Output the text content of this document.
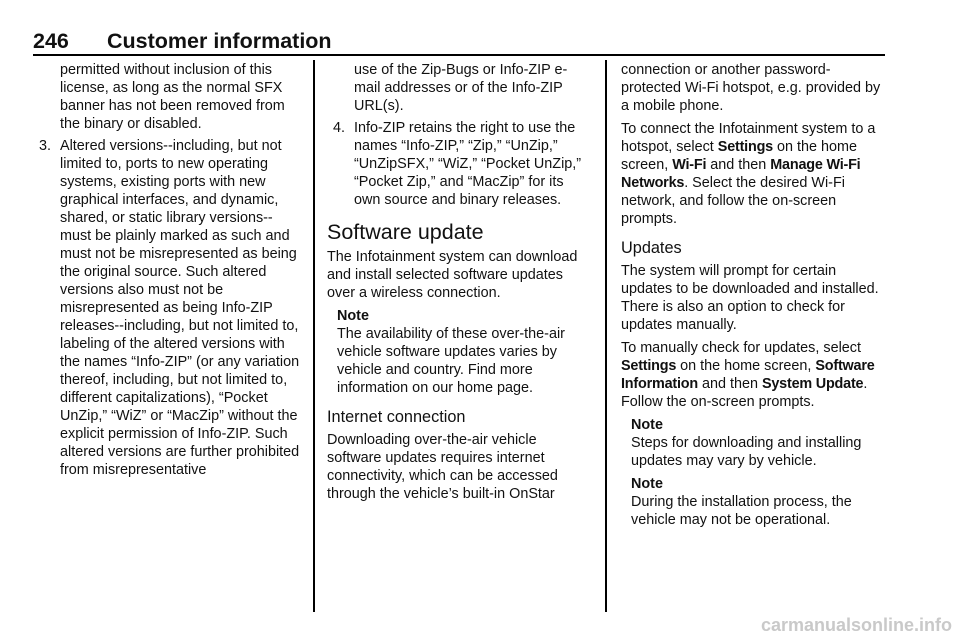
246 Customer information
permitted without inclusion of this license, as long as the normal SFX banner has not been removed from the binary or disabled.
3. Altered versions--including, but not limited to, ports to new operating systems, existing ports with new graphical interfaces, and dynamic, shared, or static library versions--must be plainly marked as such and must not be misrepresented as being the original source. Such altered versions also must not be misrepresented as being Info-ZIP releases--including, but not limited to, labeling of the altered versions with the names “Info-ZIP” (or any variation thereof, including, but not limited to, different capitalizations), “Pocket UnZip,” “WiZ” or “MacZip” without the explicit permission of Info-ZIP. Such altered versions are further prohibited from misrepresentative
use of the Zip-Bugs or Info-ZIP e-mail addresses or of the Info-ZIP URL(s).
4. Info-ZIP retains the right to use the names “Info-ZIP,” “Zip,” “UnZip,” “UnZipSFX,” “WiZ,” “Pocket UnZip,” “Pocket Zip,” and “MacZip” for its own source and binary releases.
Software update

The Infotainment system can download and install selected software updates over a wireless connection.

Note
The availability of these over-the-air vehicle software updates varies by vehicle and country. Find more information on our home page.
Internet connection

Downloading over-the-air vehicle software updates requires internet connectivity, which can be accessed through the vehicle’s built-in OnStar

connection or another password-protected Wi-Fi hotspot, e.g. provided by a mobile phone.

To connect the Infotainment system to a hotspot, select Settings on the home screen, Wi-Fi and then Manage Wi-Fi Networks. Select the desired Wi-Fi network, and follow the on-screen prompts.

Updates

The system will prompt for certain updates to be downloaded and installed. There is also an option to check for updates manually.

To manually check for updates, select Settings on the home screen, Software Information and then System Update. Follow the on-screen prompts.

Note
Steps for downloading and installing updates may vary by vehicle.
Note
During the installation process, the vehicle may not be operational.
carmanualsonline.info
